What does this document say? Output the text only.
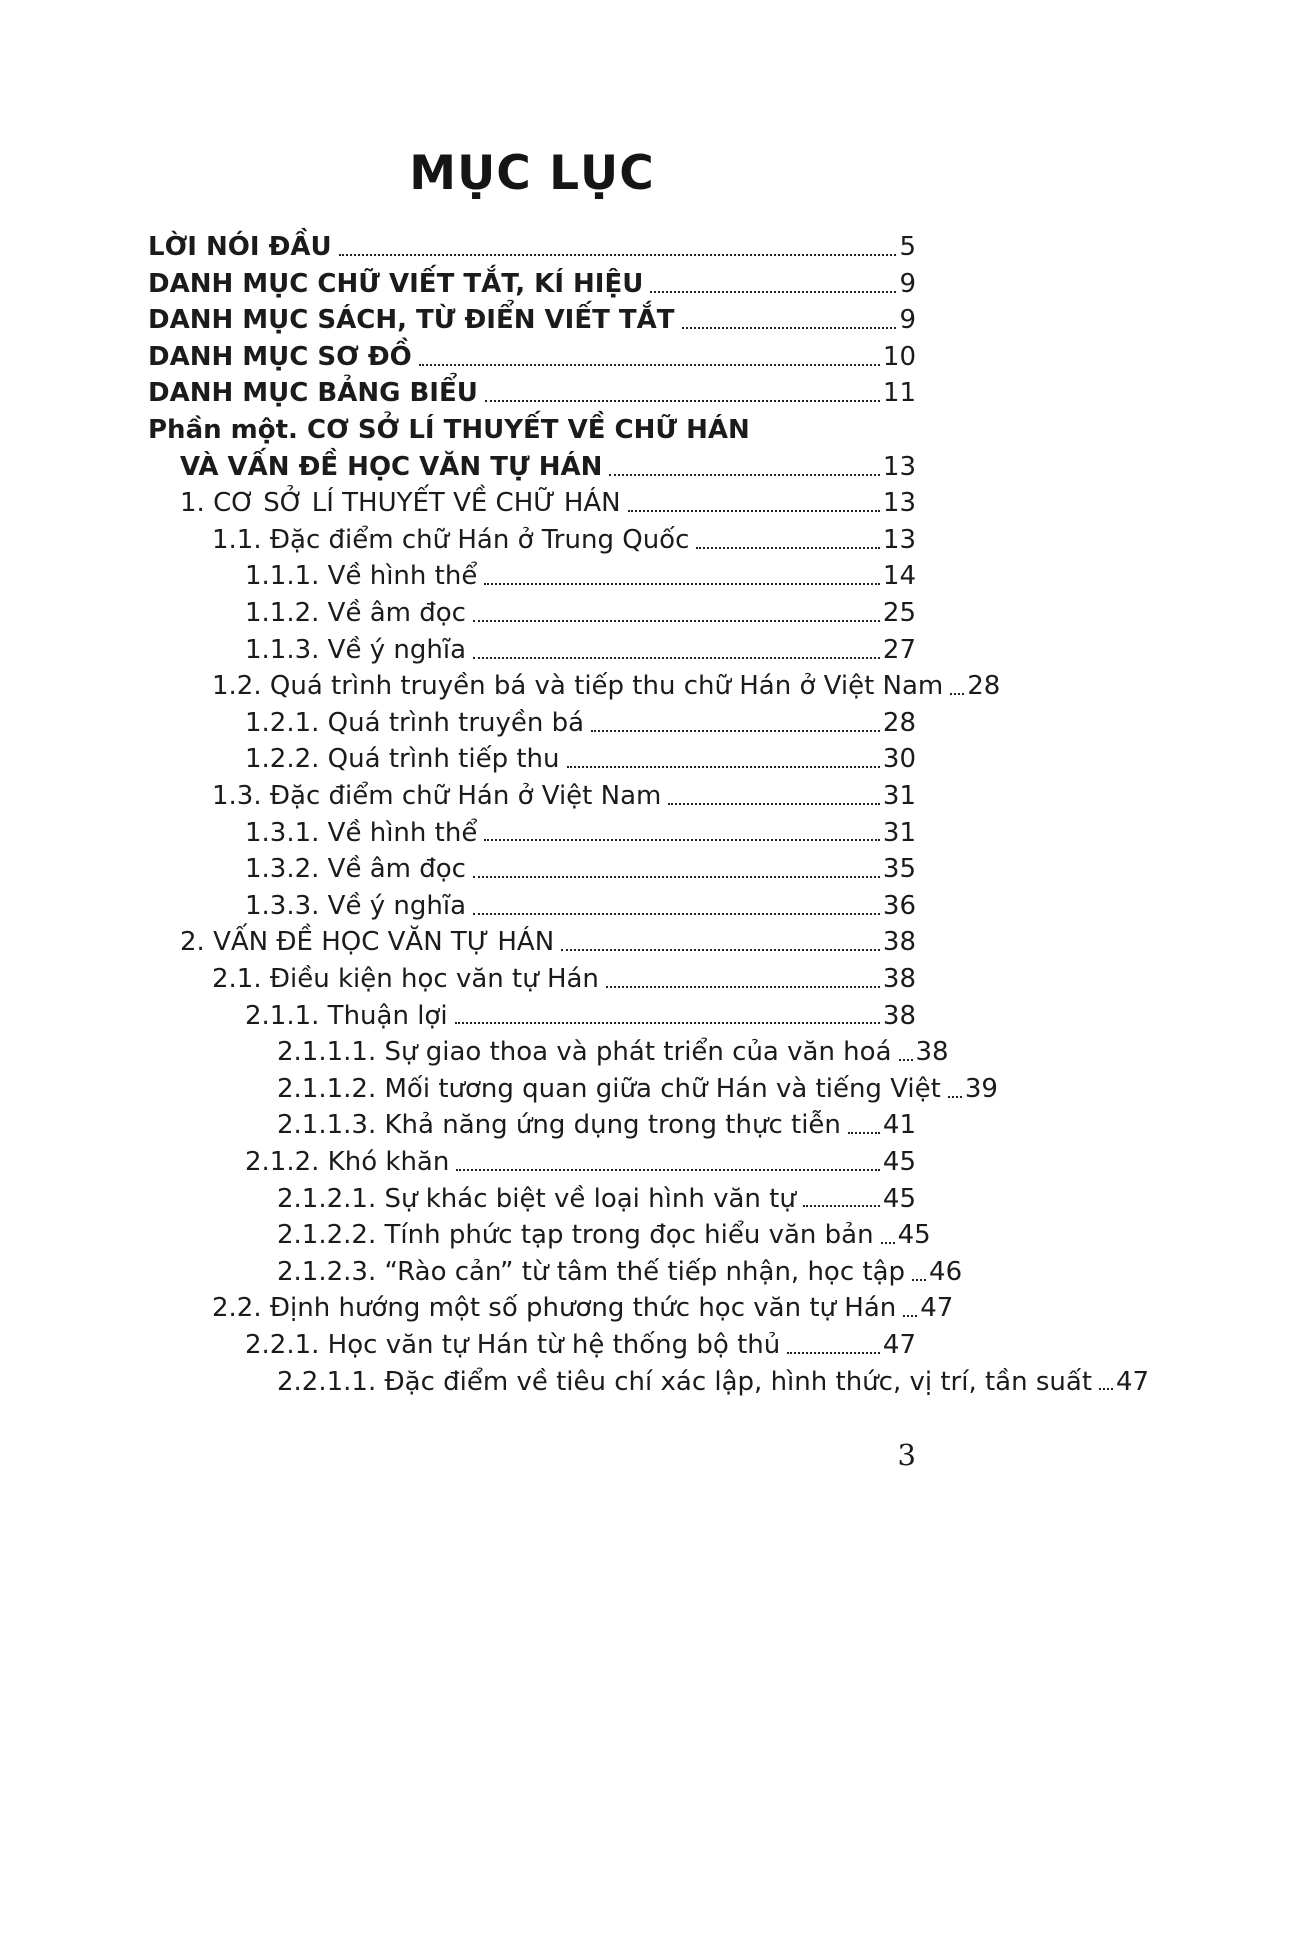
MỤC LỤC
LỜI NÓI ĐẦU	5
DANH MỤC CHỮ VIẾT TẮT, KÍ HIỆU	9
DANH MỤC SÁCH, TỪ ĐIỂN VIẾT TẮT	9
DANH MỤC SƠ ĐỒ	10
DANH MỤC BẢNG BIỂU	11
Phần một. CƠ SỞ LÍ THUYẾT VỀ CHỮ HÁN
VÀ VẤN ĐỀ HỌC VĂN TỰ HÁN	13
1. CƠ SỞ LÍ THUYẾT VỀ CHỮ HÁN	13
1.1. Đặc điểm chữ Hán ở Trung Quốc	13
1.1.1. Về hình thể	14
1.1.2. Về âm đọc	25
1.1.3. Về ý nghĩa	27
1.2. Quá trình truyền bá và tiếp thu chữ Hán ở Việt Nam 28
1.2.1. Quá trình truyền bá	28
1.2.2. Quá trình tiếp thu	30
1.3. Đặc điểm chữ Hán ở Việt Nam	31
1.3.1. Về hình thể	31
1.3.2. Về âm đọc	35
1.3.3. Về ý nghĩa	36
2. VẤN ĐỀ HỌC VĂN TỰ HÁN	38
2.1. Điều kiện học văn tự Hán	38
2.1.1. Thuận lợi	38
2.1.1.1. Sự giao thoa và phát triển của văn hoá 38
2.1.1.2. Mối tương quan giữa chữ Hán và tiếng Việt 39
2.1.1.3. Khả năng ứng dụng trong thực tiễn 41
2.1.2. Khó khăn	45
2.1.2.1. Sự khác biệt về loại hình văn tự	45
2.1.2.2. Tính phức tạp trong đọc hiểu văn bản 45
2.1.2.3. “Rào cản” từ tâm thế tiếp nhận, học tập 46
2.2. Định hướng một số phương thức học văn tự Hán 47
2.2.1. Học văn tự Hán từ hệ thống bộ thủ	47
2.2.1.1. Đặc điểm về tiêu chí xác lập, hình thức, vị trí, tần suất 47
3
